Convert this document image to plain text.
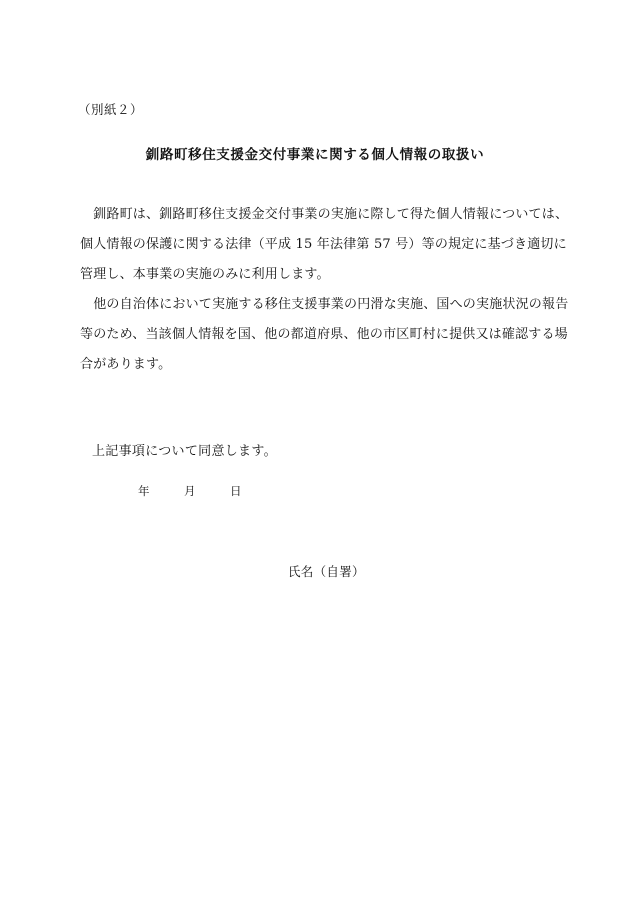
（別紙２）
釧路町移住支援金交付事業に関する個人情報の取扱い
　釧路町は、釧路町移住支援金交付事業の実施に際して得た個人情報については、
個人情報の保護に関する法律（平成 15 年法律第 57 号）等の規定に基づき適切に
管理し、本事業の実施のみに利用します。
　他の自治体において実施する移住支援事業の円滑な実施、国への実施状況の報告
等のため、当該個人情報を国、他の都道府県、他の市区町村に提供又は確認する場
合があります。
上記事項について同意します。
年	月	日
氏名（自署）
